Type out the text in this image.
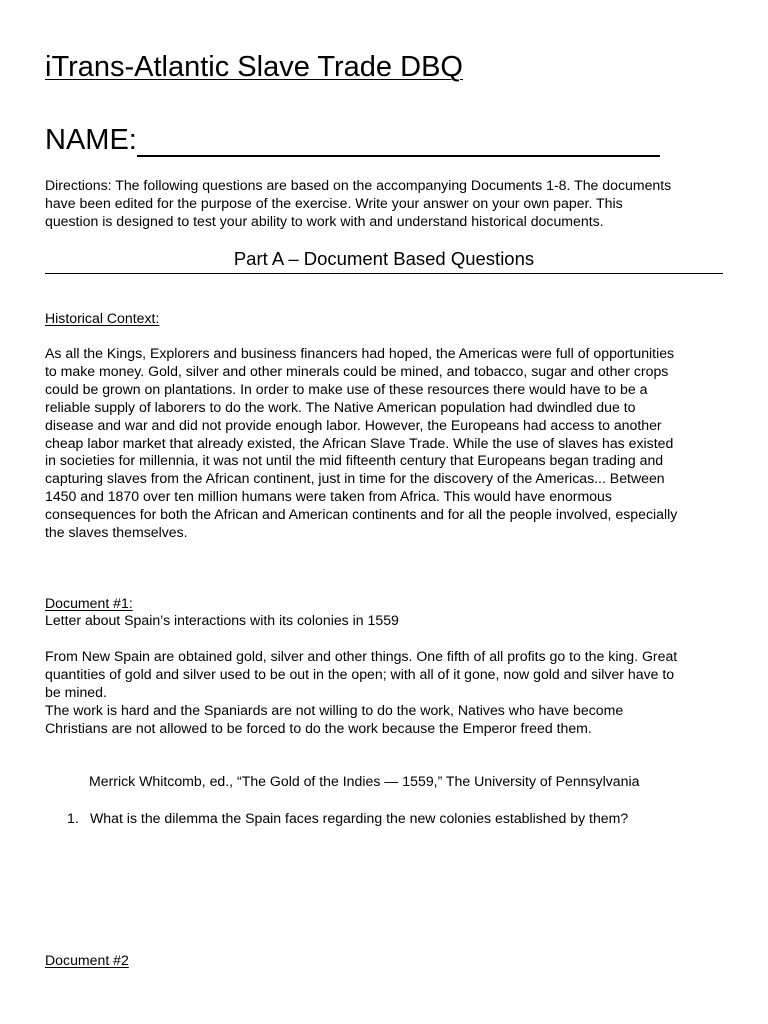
iTrans-Atlantic Slave Trade DBQ
NAME:
Directions: The following questions are based on the accompanying Documents 1-8. The documents
have been edited for the purpose of the exercise. Write your answer on your own paper. This
question is designed to test your ability to work with and understand historical documents.
Part A – Document Based Questions
Historical Context:
As all the Kings, Explorers and business financers had hoped, the Americas were full of opportunities
to make money. Gold, silver and other minerals could be mined, and tobacco, sugar and other crops
could be grown on plantations. In order to make use of these resources there would have to be a
reliable supply of laborers to do the work. The Native American population had dwindled due to
disease and war and did not provide enough labor. However, the Europeans had access to another
cheap labor market that already existed, the African Slave Trade. While the use of slaves has existed
in societies for millennia, it was not until the mid fifteenth century that Europeans began trading and
capturing slaves from the African continent, just in time for the discovery of the Americas... Between
1450 and 1870 over ten million humans were taken from Africa. This would have enormous
consequences for both the African and American continents and for all the people involved, especially
the slaves themselves.
Document #1:
Letter about Spain’s interactions with its colonies in 1559
From New Spain are obtained gold, silver and other things. One fifth of all profits go to the king. Great
quantities of gold and silver used to be out in the open; with all of it gone, now gold and silver have to
be mined.
The work is hard and the Spaniards are not willing to do the work, Natives who have become
Christians are not allowed to be forced to do the work because the Emperor freed them.
Merrick Whitcomb, ed., “The Gold of the Indies — 1559,” The University of Pennsylvania
1. What is the dilemma the Spain faces regarding the new colonies established by them?
Document #2
